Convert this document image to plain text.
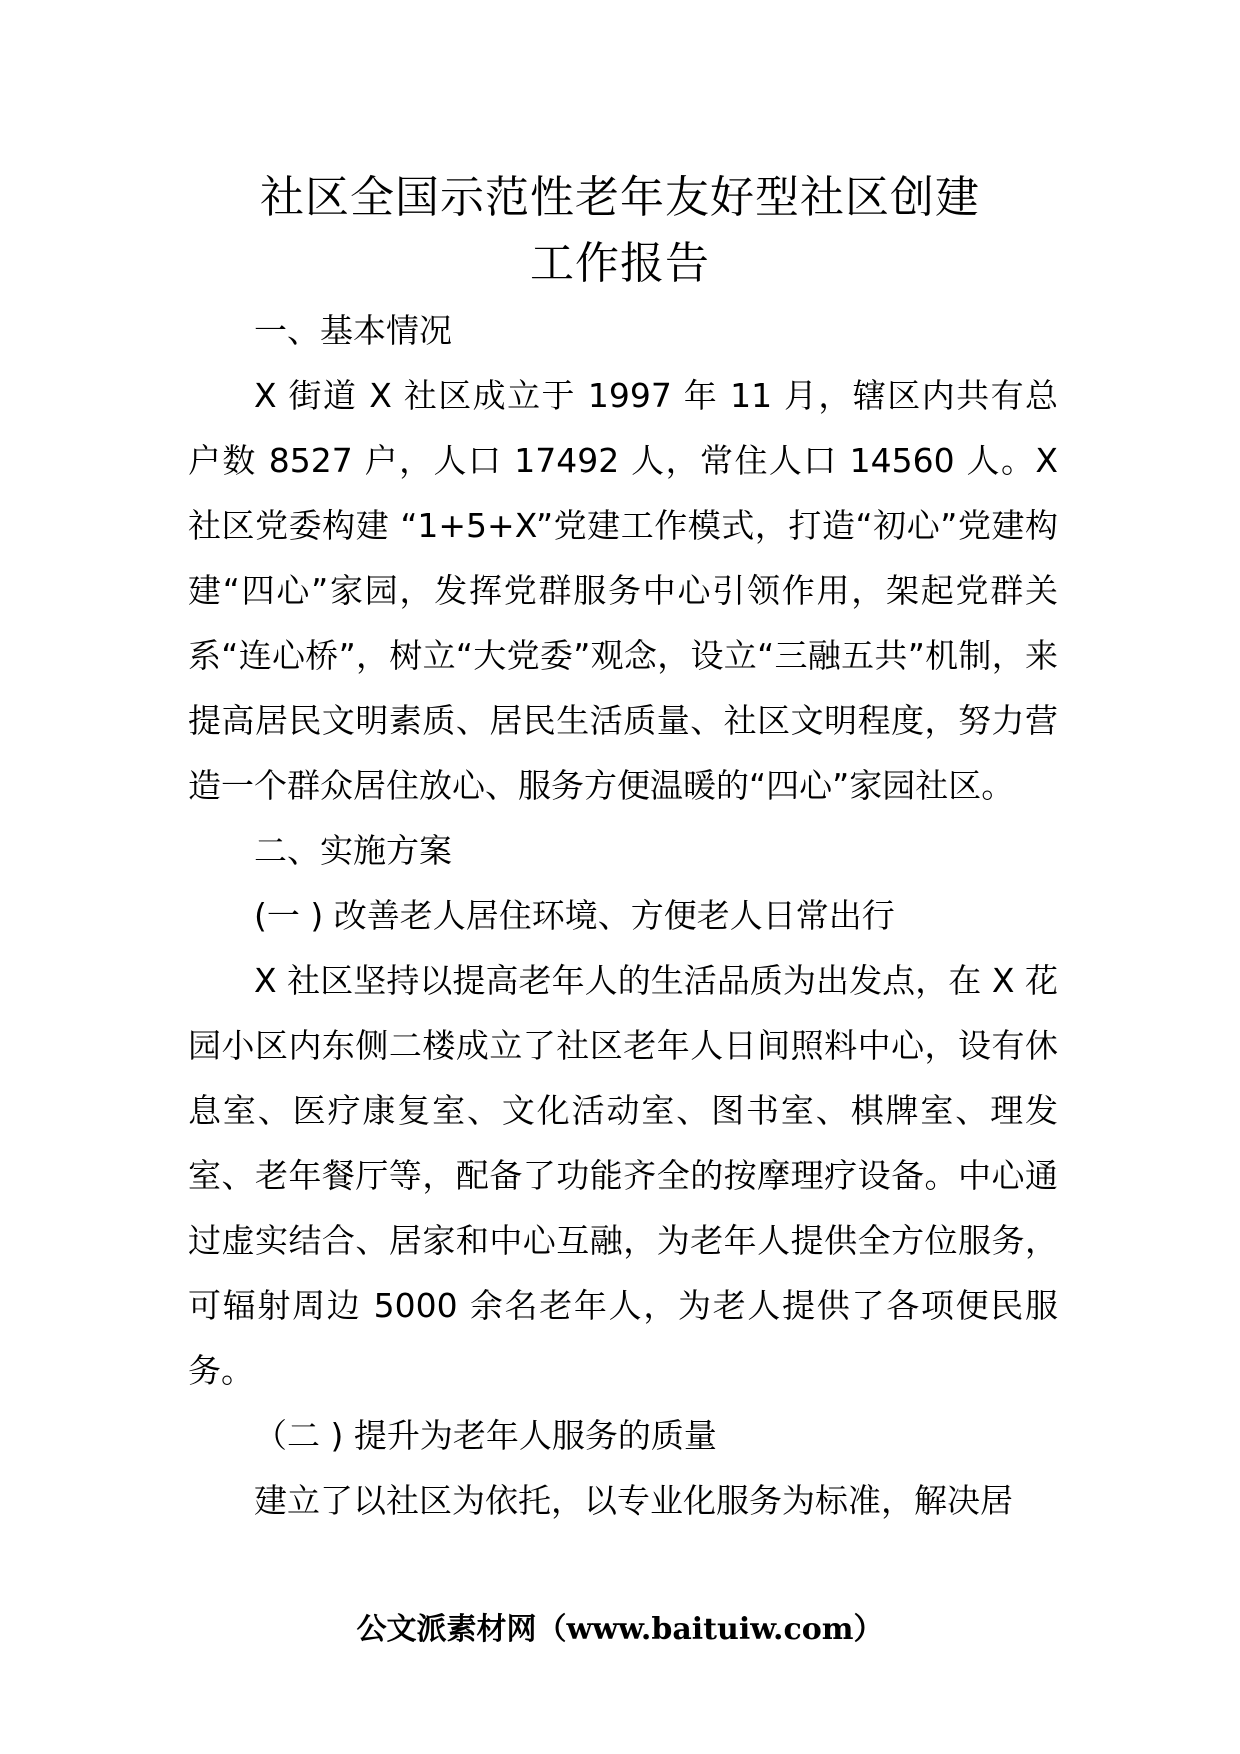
社区全国示范性老年友好型社区创建
工作报告

一、基本情况

X 街道 X 社区成立于 1997 年 11 月，辖区内共有总户数 8527 户，人口 17492 人，常住人口 14560 人。X 社区党委构建 “1+5+X”党建工作模式，打造“初心”党建构建“四心”家园，发挥党群服务中心引领作用，架起党群关系“连心桥”，树立“大党委”观念，设立“三融五共”机制，来提高居民文明素质、居民生活质量、社区文明程度，努力营造一个群众居住放心、服务方便温暖的“四心”家园社区。

二、实施方案

(一 ) 改善老人居住环境、方便老人日常出行

X 社区坚持以提高老年人的生活品质为出发点，在 X 花园小区内东侧二楼成立了社区老年人日间照料中心，设有休息室、医疗康复室、文化活动室、图书室、棋牌室、理发室、老年餐厅等，配备了功能齐全的按摩理疗设备。中心通过虚实结合、居家和中心互融，为老年人提供全方位服务，可辐射周边 5000 余名老年人，为老人提供了各项便民服务。

（二 ) 提升为老年人服务的质量

建立了以社区为依托，以专业化服务为标准，解决居

公文派素材网（www.baituiw.com）
